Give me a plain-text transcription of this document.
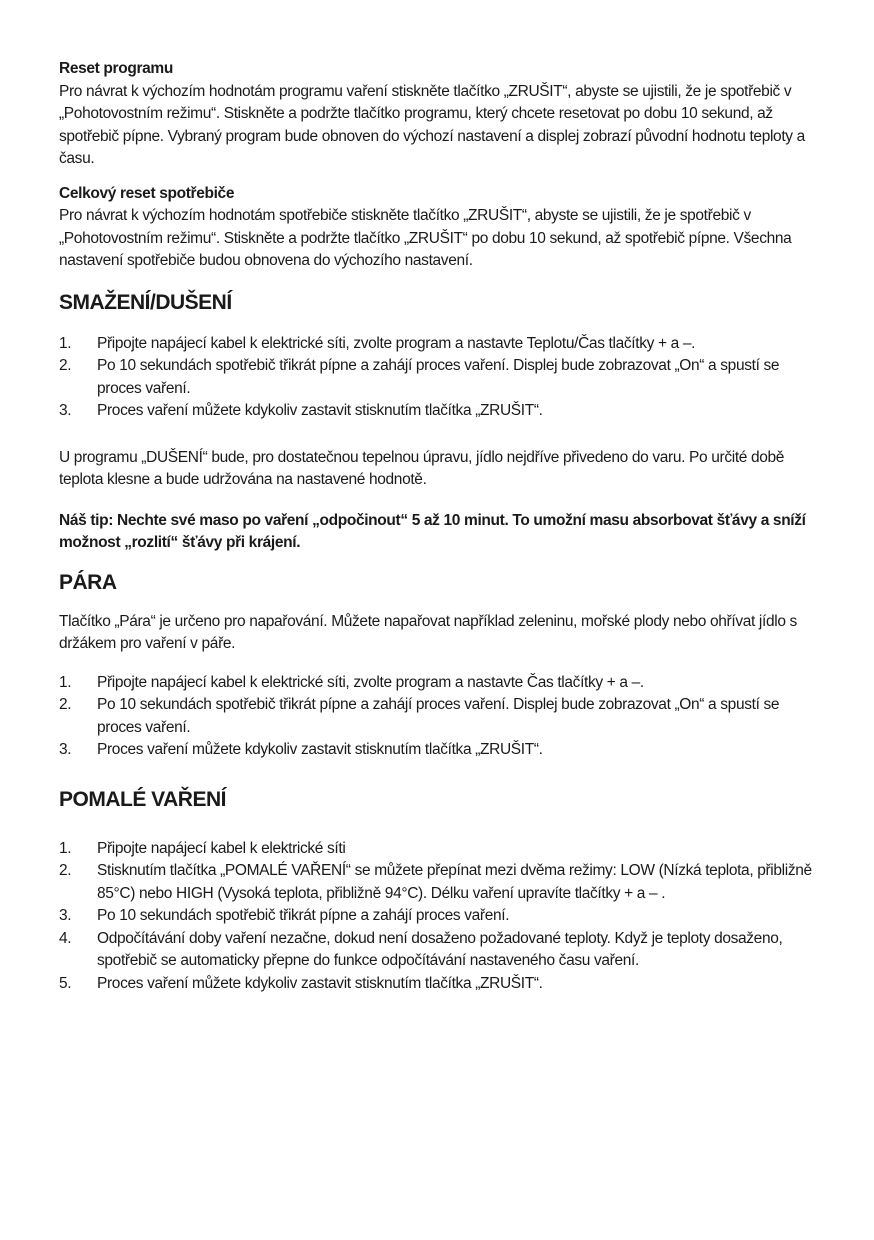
Reset programu

Pro návrat k výchozím hodnotám programu vaření stiskněte tlačítko „ZRUŠIT“, abyste se ujistili, že je spotřebič v „Pohotovostním režimu“. Stiskněte a podržte tlačítko programu, který chcete resetovat po dobu 10 sekund, až spotřebič pípne. Vybraný program bude obnoven do výchozí nastavení a displej zobrazí původní hodnotu teploty a času.

Celkový reset spotřebiče

Pro návrat k výchozím hodnotám spotřebiče stiskněte tlačítko „ZRUŠIT“, abyste se ujistili, že je spotřebič v „Pohotovostním režimu“. Stiskněte a podržte tlačítko „ZRUŠIT“ po dobu 10 sekund, až spotřebič pípne. Všechna nastavení spotřebiče budou obnovena do výchozího nastavení.

SMAŽENÍ/DUŠENÍ
1. Připojte napájecí kabel k elektrické síti, zvolte program a nastavte Teplotu/Čas tlačítky + a –.
2. Po 10 sekundách spotřebič třikrát pípne a zahájí proces vaření. Displej bude zobrazovat „On“ a spustí se proces vaření.
3. Proces vaření můžete kdykoliv zastavit stisknutím tlačítka „ZRUŠIT“.

U programu „DUŠENÍ“ bude, pro dostatečnou tepelnou úpravu, jídlo nejdříve přivedeno do varu. Po určité době teplota klesne a bude udržována na nastavené hodnotě.

Náš tip: Nechte své maso po vaření „odpočinout“ 5 až 10 minut. To umožní masu absorbovat šťávy a sníží možnost „rozlití“ šťávy při krájení.

PÁRA

Tlačítko „Pára“ je určeno pro napařování. Můžete napařovat například zeleninu, mořské plody nebo ohřívat jídlo s držákem pro vaření v páře.

1. Připojte napájecí kabel k elektrické síti, zvolte program a nastavte Čas tlačítky + a –.
2. Po 10 sekundách spotřebič třikrát pípne a zahájí proces vaření. Displej bude zobrazovat „On“ a spustí se proces vaření.
3. Proces vaření můžete kdykoliv zastavit stisknutím tlačítka „ZRUŠIT“.
POMALÉ VAŘENÍ
1. Připojte napájecí kabel k elektrické síti
2. Stisknutím tlačítka „POMALÉ VAŘENÍ“ se můžete přepínat mezi dvěma režimy: LOW (Nízká teplota, přibližně 85°C) nebo HIGH (Vysoká teplota, přibližně 94°C). Délku vaření upravíte tlačítky + a – .
3. Po 10 sekundách spotřebič třikrát pípne a zahájí proces vaření.
4. Odpočítávání doby vaření nezačne, dokud není dosaženo požadované teploty. Když je teploty dosaženo, spotřebič se automaticky přepne do funkce odpočítávání nastaveného času vaření.
5. Proces vaření můžete kdykoliv zastavit stisknutím tlačítka „ZRUŠIT“.
